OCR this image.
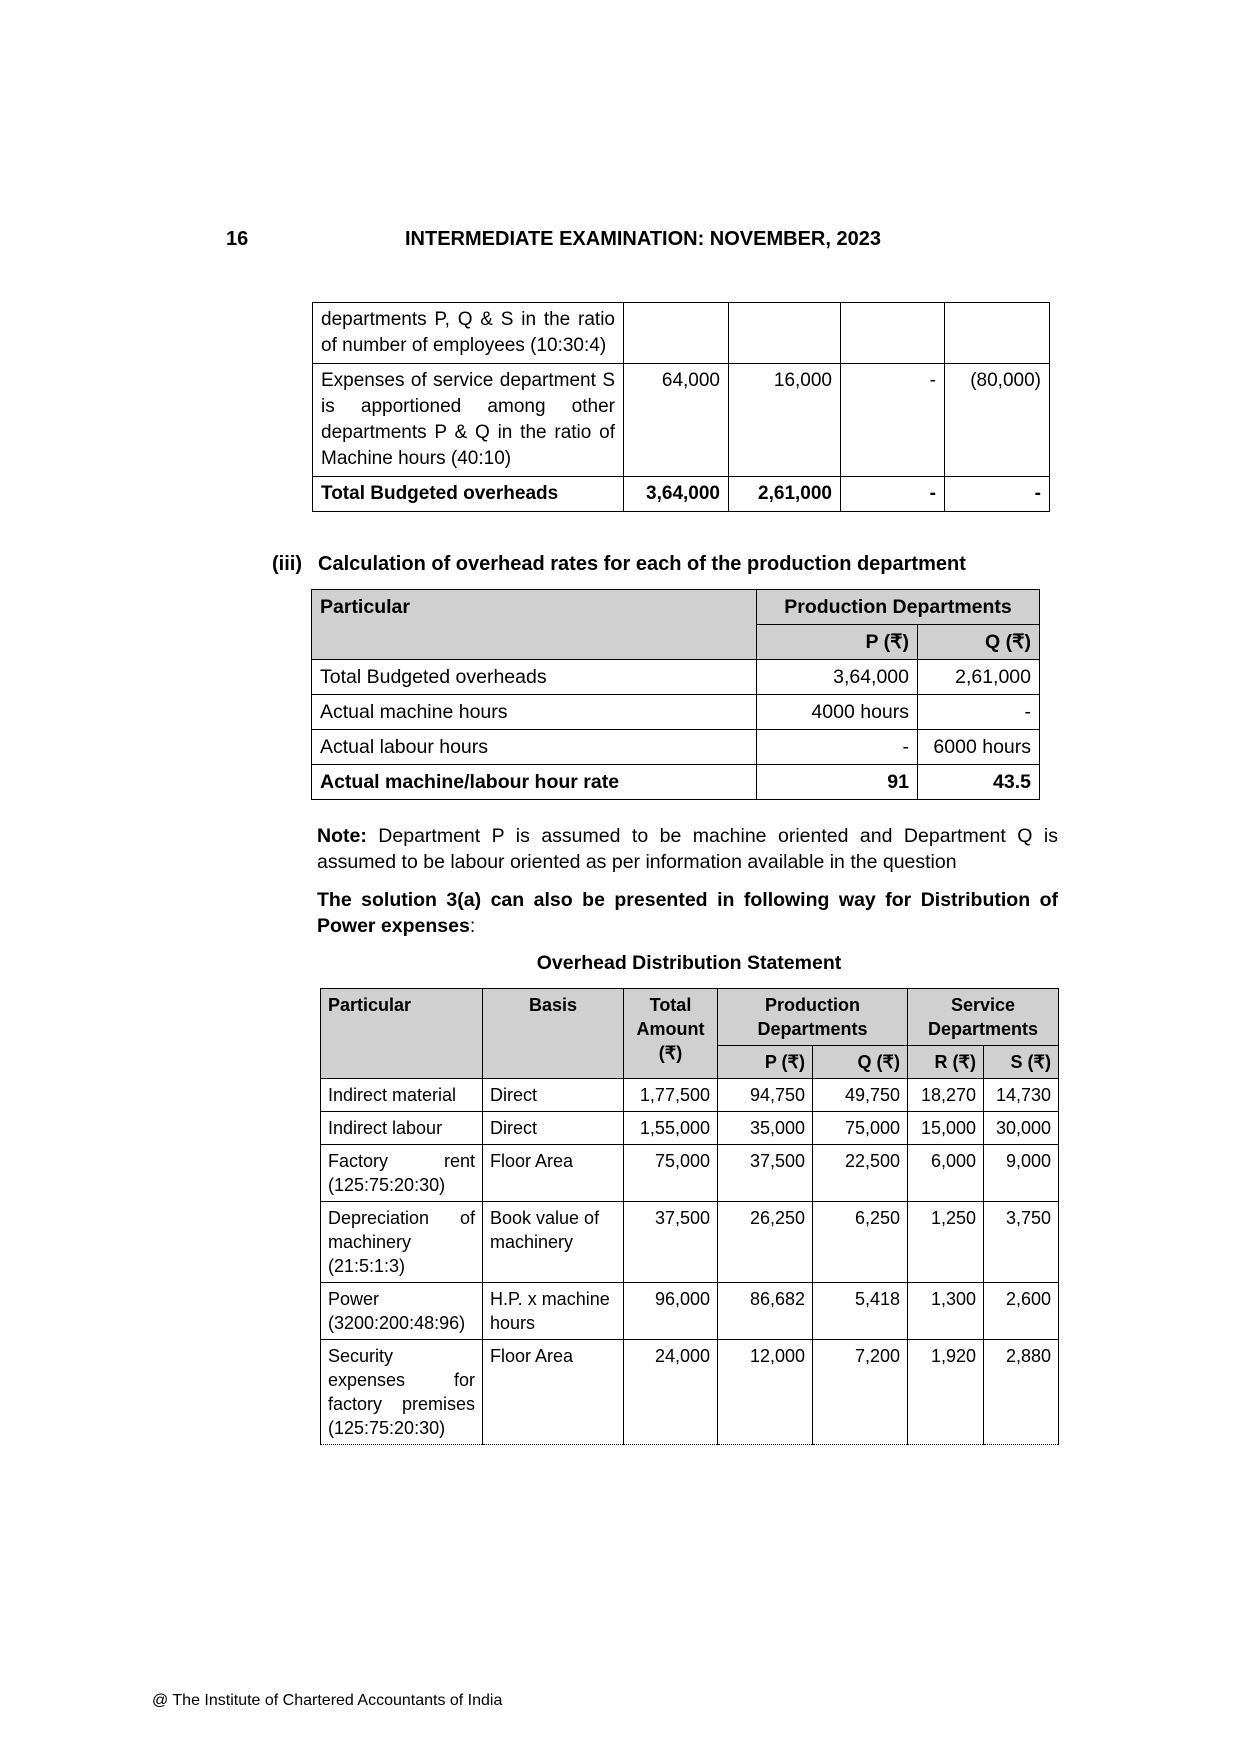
16	INTERMEDIATE EXAMINATION: NOVEMBER, 2023
departments P, Q & S in the ratio of number of employees (10:30:4)				
Expenses of service department S is apportioned among other departments P & Q in the ratio of Machine hours (40:10)	64,000	16,000	-	(80,000)
Total Budgeted overheads	3,64,000	2,61,000	-	-
(iii) Calculation of overhead rates for each of the production department
Particular	Production Departments	
	P (₹)	Q (₹)
Total Budgeted overheads	3,64,000	2,61,000
Actual machine hours	4000 hours	-
Actual labour hours	-	6000 hours
Actual machine/labour hour rate	91	43.5
Note: Department P is assumed to be machine oriented and Department Q is assumed to be labour oriented as per information available in the question
The solution 3(a) can also be presented in following way for Distribution of Power expenses:
Overhead Distribution Statement
Particular	Basis	Total Amount (₹)	Production Departments		Service Departments	
			P (₹)	Q (₹)	R (₹)	S (₹)
Indirect material	Direct	1,77,500	94,750	49,750	18,270	14,730
Indirect labour	Direct	1,55,000	35,000	75,000	15,000	30,000
Factory rent (125:75:20:30)	Floor Area	75,000	37,500	22,500	6,000	9,000
Depreciation of machinery (21:5:1:3)	Book value of machinery	37,500	26,250	6,250	1,250	3,750
Power (3200:200:48:96)	H.P. x machine hours	96,000	86,682	5,418	1,300	2,600
Security expenses for factory premises (125:75:20:30)	Floor Area	24,000	12,000	7,200	1,920	2,880
@ The Institute of Chartered Accountants of India
